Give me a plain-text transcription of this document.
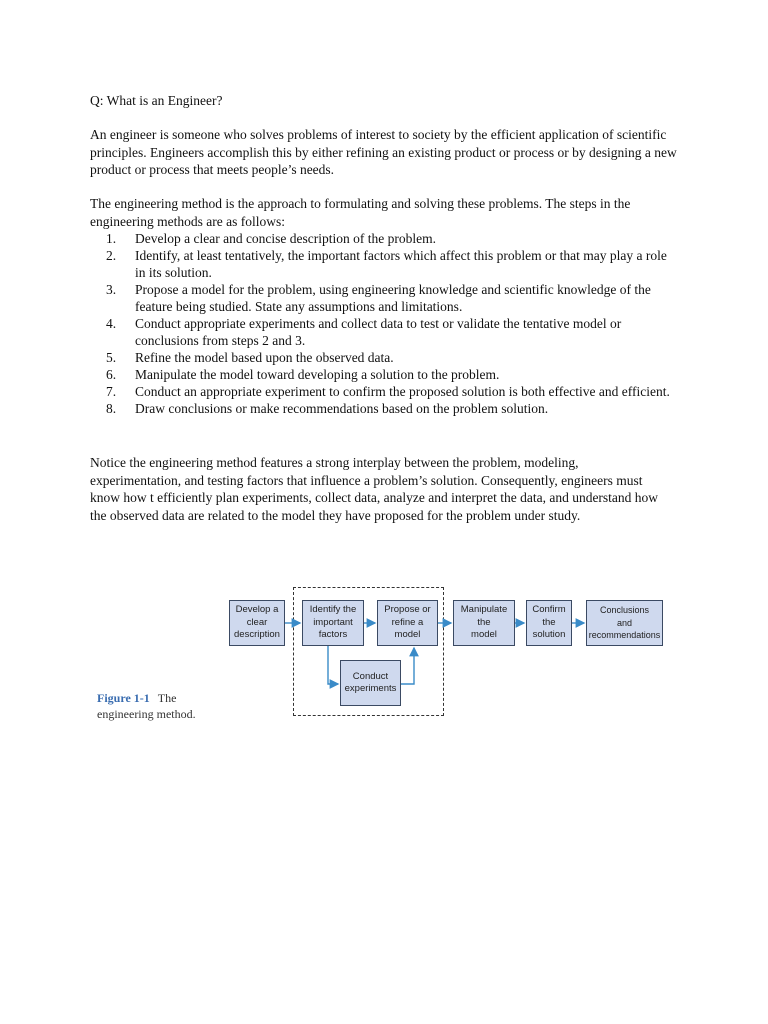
Q: What is an Engineer?

An engineer is someone who solves problems of interest to society by the efficient application of scientific principles. Engineers accomplish this by either refining an existing product or process or by designing a new product or process that meets people’s needs.

The engineering method is the approach to formulating and solving these problems. The steps in the engineering methods are as follows:

1. Develop a clear and concise description of the problem.
2. Identify, at least tentatively, the important factors which affect this problem or that may play a role in its solution.
3. Propose a model for the problem, using engineering knowledge and scientific knowledge of the feature being studied. State any assumptions and limitations.
4. Conduct appropriate experiments and collect data to test or validate the tentative model or conclusions from steps 2 and 3.
5. Refine the model based upon the observed data.
6. Manipulate the model toward developing a solution to the problem.
7. Conduct an appropriate experiment to confirm the proposed solution is both effective and efficient.
8. Draw conclusions or make recommendations based on the problem solution.

Notice the engineering method features a strong interplay between the problem, modeling, experimentation, and testing factors that influence a problem’s solution. Consequently, engineers must know how t efficiently plan experiments, collect data, analyze and interpret the data, and understand how the observed data are related to the model they have proposed for the problem under study.

Develop a
clear
description
Identify the
important
factors
Propose or
refine a
model
Manipulate
the
model
Confirm
the
solution
Conclusions
and
recommendations
Conduct
experiments
Figure 1-1 The engineering method.
